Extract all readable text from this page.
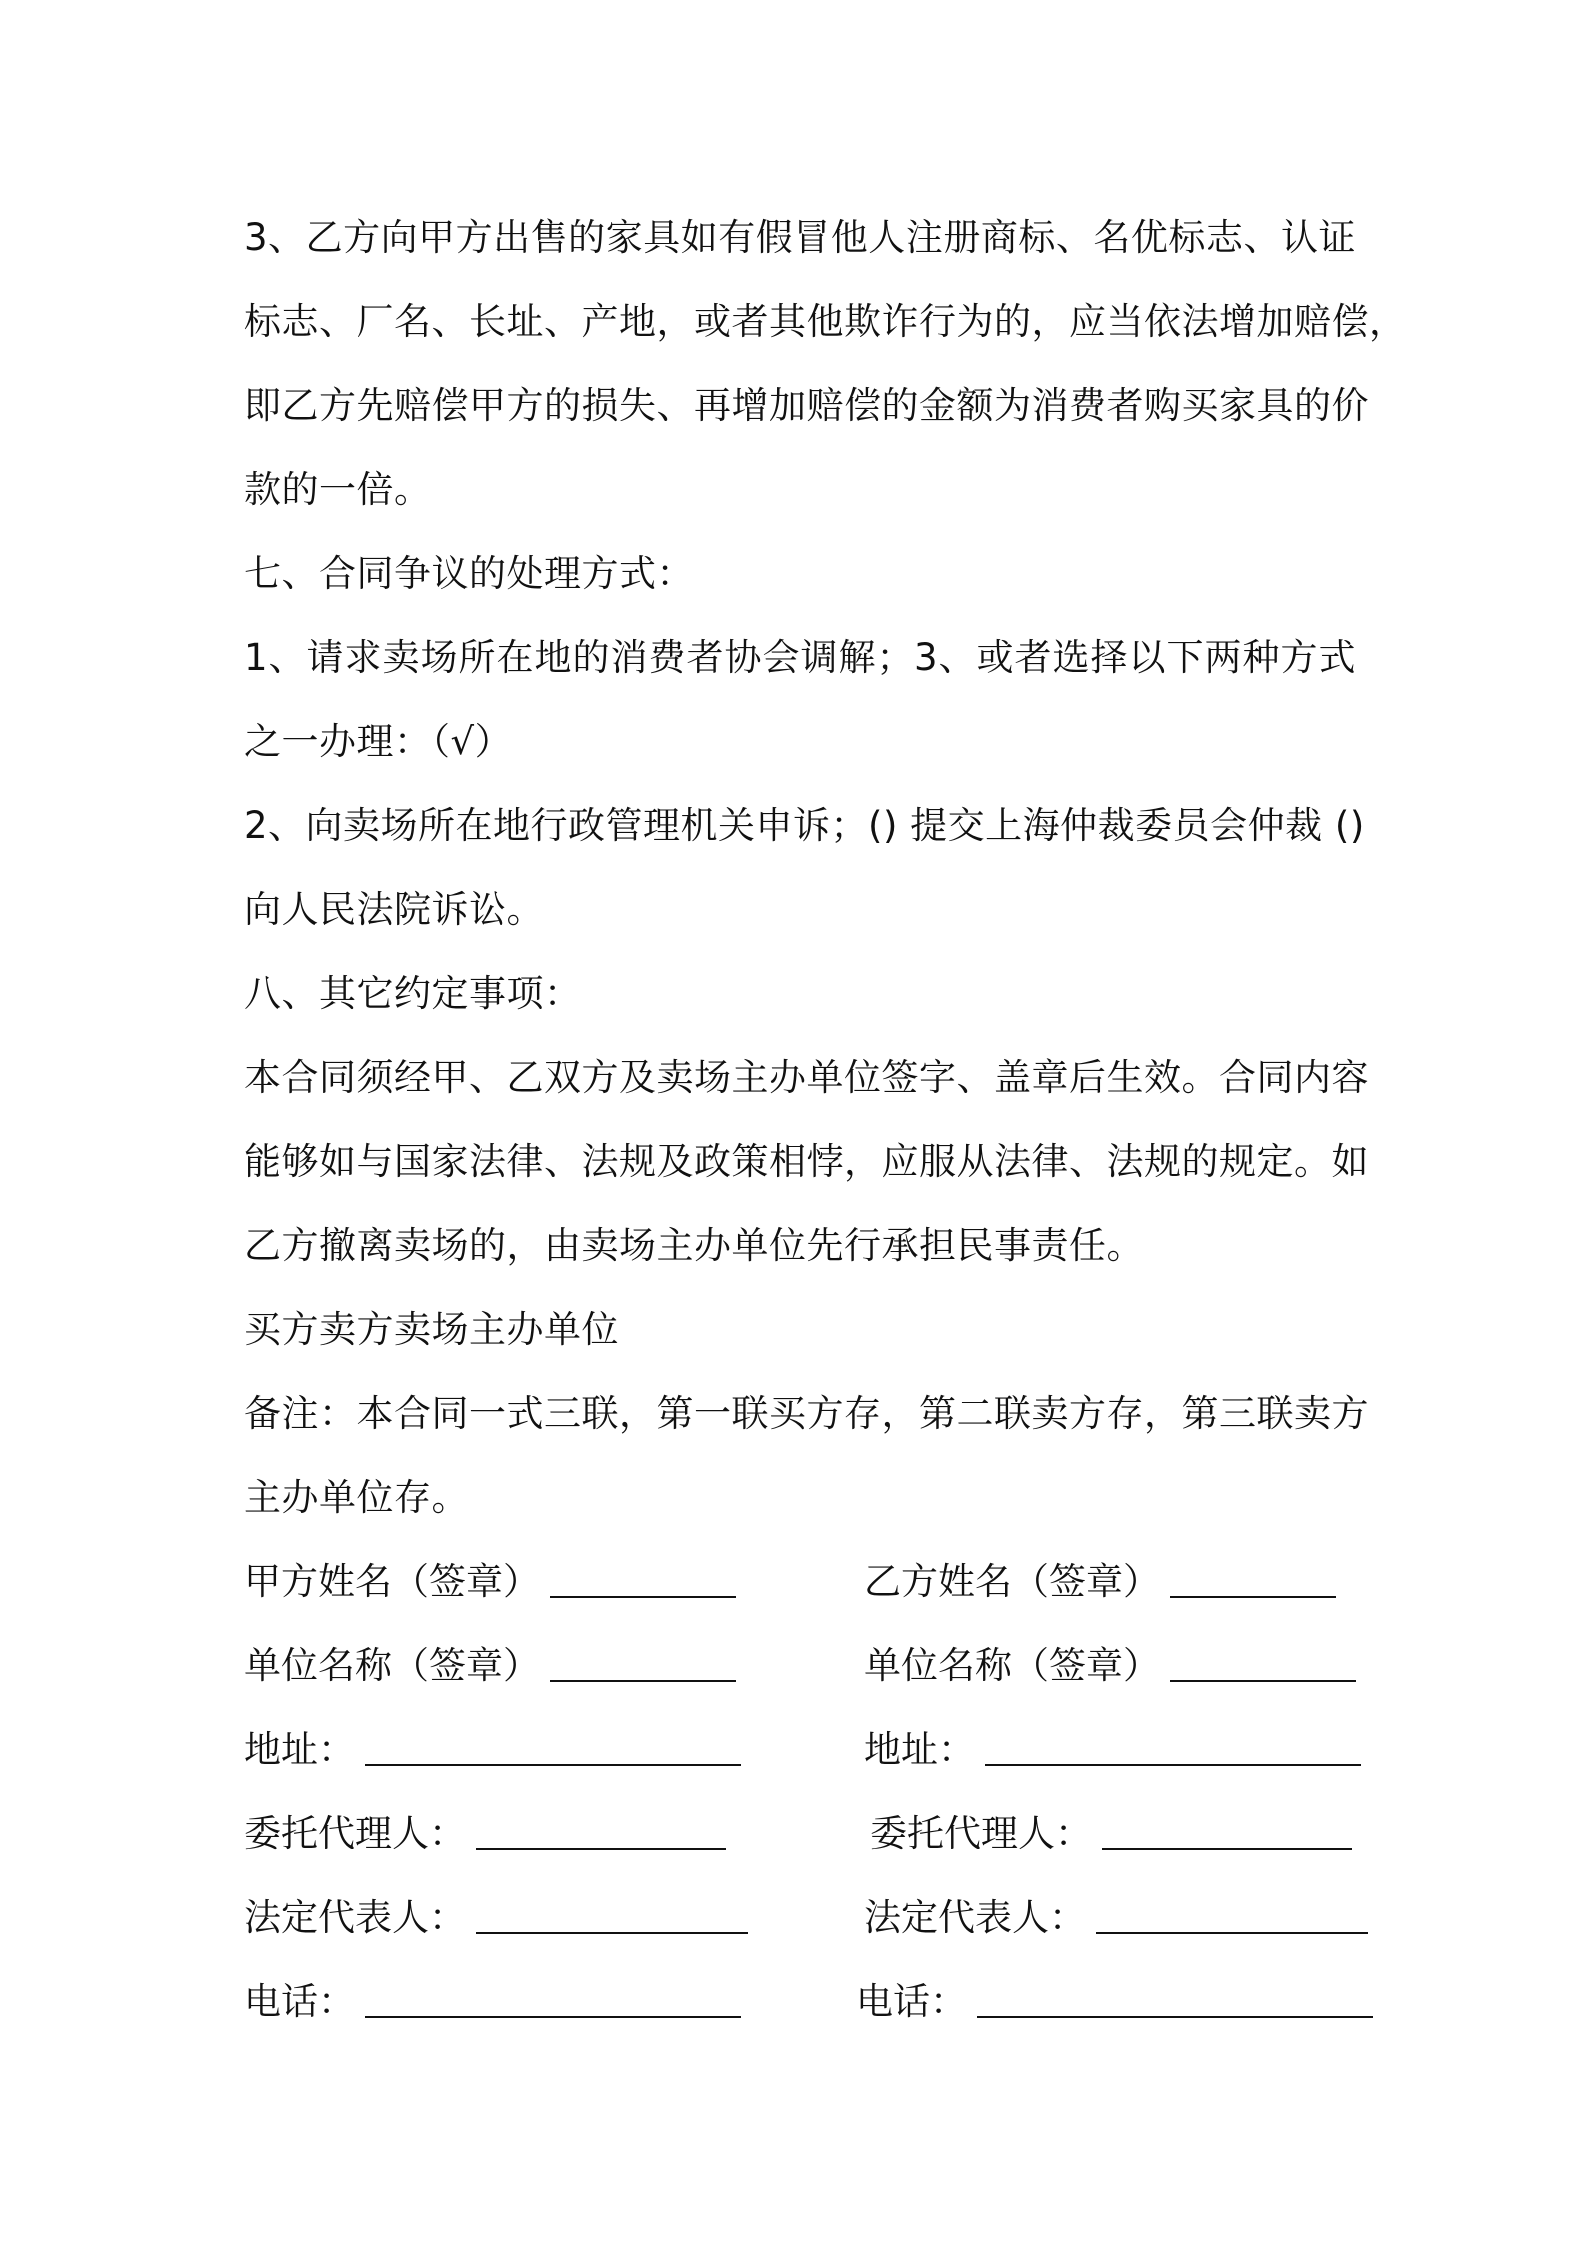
3、乙方向甲方出售的家具如有假冒他人注册商标、名优标志、认证
标志、厂名、长址、产地，或者其他欺诈行为的，应当依法增加赔偿，
即乙方先赔偿甲方的损失、再增加赔偿的金额为消费者购买家具的价
款的一倍。
七、合同争议的处理方式：
1、请求卖场所在地的消费者协会调解；3、或者选择以下两种方式
之一办理：（√）
2、向卖场所在地行政管理机关申诉；() 提交上海仲裁委员会仲裁 ()
向人民法院诉讼。
八、其它约定事项：
本合同须经甲、乙双方及卖场主办单位签字、盖章后生效。合同内容
能够如与国家法律、法规及政策相悖，应服从法律、法规的规定。如
乙方撤离卖场的，由卖场主办单位先行承担民事责任。
买方卖方卖场主办单位
备注：本合同一式三联，第一联买方存，第二联卖方存，第三联卖方
主办单位存。
甲方姓名（签章）	乙方姓名（签章）
单位名称（签章）	单位名称（签章）
地址：	地址：
委托代理人：	委托代理人：
法定代表人：	法定代表人：
电话：	电话：
